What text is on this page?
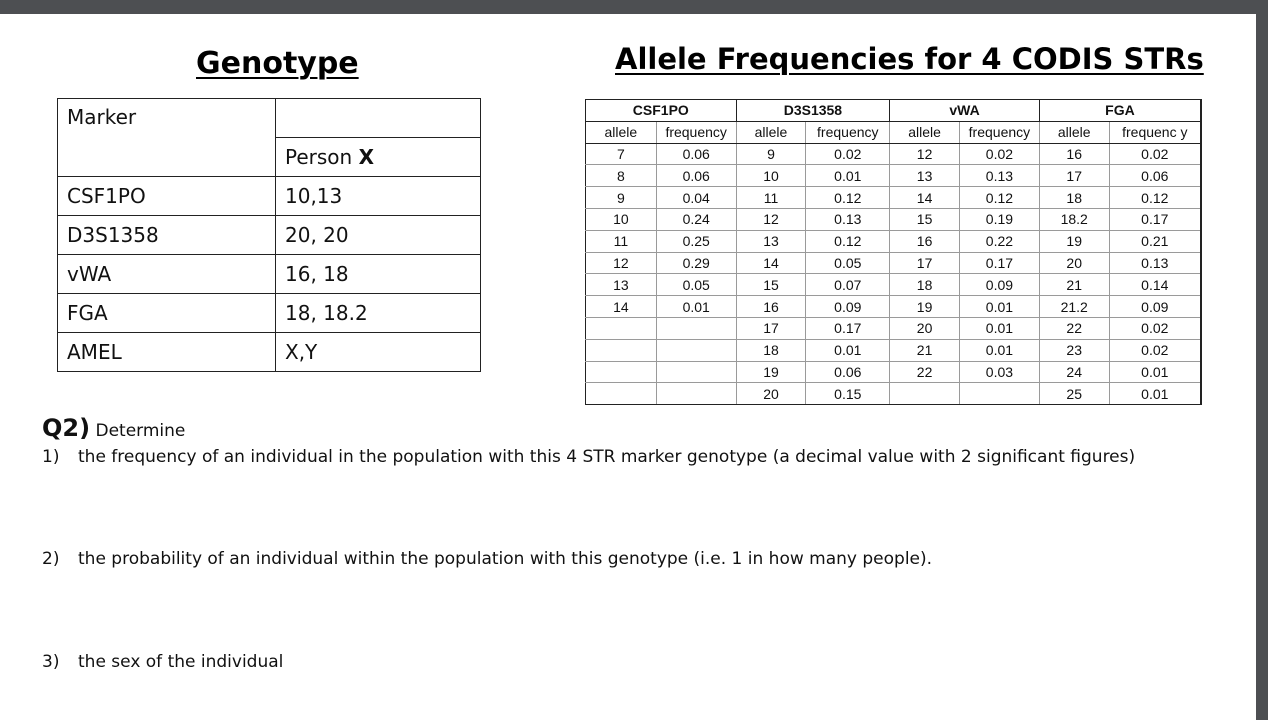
Genotype	Allele Frequencies for 4 CODIS STRs
Marker	
	Person X
CSF1PO	10,13
D3S1358	20, 20
vWA	16, 18
FGA	18, 18.2
AMEL	X,Y
CSF1PO		D3S1358		vWA		FGA	
allele	frequency	allele	frequency	allele	frequency	allele	frequenc y
7	0.06	9	0.02	12	0.02	16	0.02
8	0.06	10	0.01	13	0.13	17	0.06
9	0.04	11	0.12	14	0.12	18	0.12
10	0.24	12	0.13	15	0.19	18.2	0.17
11	0.25	13	0.12	16	0.22	19	0.21
12	0.29	14	0.05	17	0.17	20	0.13
13	0.05	15	0.07	18	0.09	21	0.14
14	0.01	16	0.09	19	0.01	21.2	0.09
		17	0.17	20	0.01	22	0.02
		18	0.01	21	0.01	23	0.02
		19	0.06	22	0.03	24	0.01
		20	0.15			25	0.01
Q2) Determine
1) the frequency of an individual in the population with this 4 STR marker genotype (a decimal value with 2 significant figures)
2) the probability of an individual within the population with this genotype (i.e. 1 in how many people).
3) the sex of the individual
